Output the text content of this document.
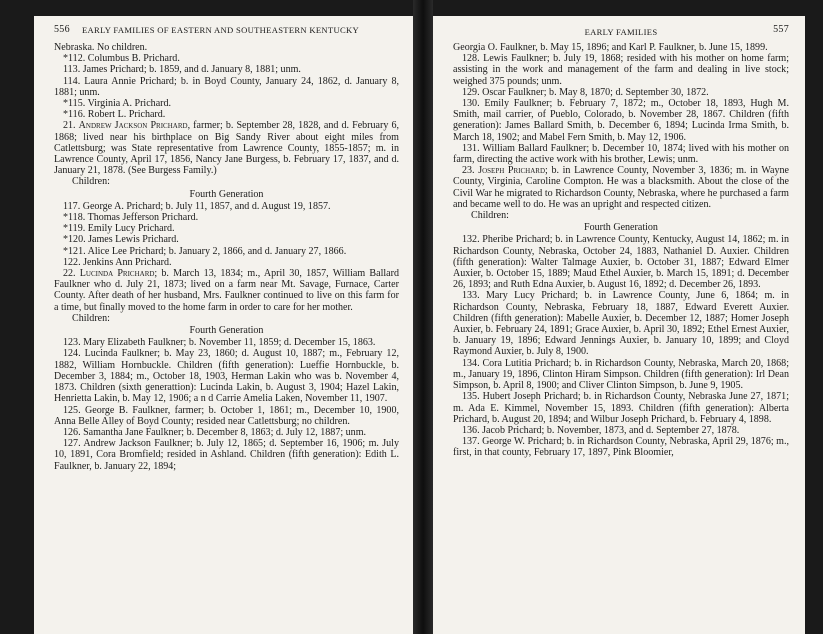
556 EARLY FAMILIES OF EASTERN AND SOUTHEASTERN KENTUCKY

Nebraska. No children.

*112. Columbus B. Prichard.

113. James Prichard; b. 1859, and d. January 8, 1881; unm.

114. Laura Annie Prichard; b. in Boyd County, January 24, 1862, d. January 8, 1881; unm.

*115. Virginia A. Prichard.

*116. Robert L. Prichard.

21. Andrew Jackson Prichard, farmer; b. September 28, 1828, and d. February 6, 1868; lived near his birthplace on Big Sandy River about eight miles from Catlettsburg; was State representative from Lawrence County, 1855-1857; m. in Lawrence County, April 17, 1856, Nancy Jane Burgess, b. February 17, 1837, and d. January 21, 1878. (See Burgess Family.)

Children:

Fourth Generation

117. George A. Prichard; b. July 11, 1857, and d. August 19, 1857.

*118. Thomas Jefferson Prichard.

*119. Emily Lucy Prichard.

*120. James Lewis Prichard.

*121. Alice Lee Prichard; b. January 2, 1866, and d. January 27, 1866.

122. Jenkins Ann Prichard.

22. Lucinda Prichard; b. March 13, 1834; m., April 30, 1857, William Ballard Faulkner who d. July 21, 1873; lived on a farm near Mt. Savage, Furnace, Carter County. After death of her husband, Mrs. Faulkner continued to live on this farm for a time, but finally moved to the home farm in order to care for her mother.

Children:

Fourth Generation

123. Mary Elizabeth Faulkner; b. November 11, 1859; d. December 15, 1863.

124. Lucinda Faulkner; b. May 23, 1860; d. August 10, 1887; m., February 12, 1882, William Hornbuckle. Children (fifth generation): Lueffie Hornbuckle, b. December 3, 1884; m., October 18, 1903, Herman Lakin who was b. November 4, 1873. Children (sixth generattion): Lucinda Lakin, b. August 3, 1904; Hazel Lakin, Henrietta Lakin, b. May 12, 1906; a n d Carrie Amelia Laken, November 11, 1907.

125. George B. Faulkner, farmer; b. October 1, 1861; m., December 10, 1900, Anna Belle Alley of Boyd County; resided near Catlettsburg; no children.

126. Samantha Jane Faulkner; b. December 8, 1863; d. July 12, 1887; unm.

127. Andrew Jackson Faulkner; b. July 12, 1865; d. September 16, 1906; m. July 10, 1891, Cora Bromfield; resided in Ashland. Children (fifth generation): Edith L. Faulkner, b. January 22, 1894;

EARLY FAMILIES	557

Georgia O. Faulkner, b. May 15, 1896; and Karl P. Faulkner, b. June 15, 1899.

128. Lewis Faulkner; b. July 19, 1868; resided with his mother on home farm; assisting in the work and management of the farm and dealing in live stock; weighed 375 pounds; unm.

129. Oscar Faulkner; b. May 8, 1870; d. September 30, 1872.

130. Emily Faulkner; b. February 7, 1872; m., October 18, 1893, Hugh M. Smith, mail carrier, of Pueblo, Colorado, b. November 28, 1867. Children (fifth generation): James Ballard Smith, b. December 6, 1894; Lucinda Irma Smith, b. March 18, 1902; and Mabel Fern Smith, b. May 12, 1906.

131. William Ballard Faulkner; b. December 10, 1874; lived with his mother on farm, directing the active work with his brother, Lewis; unm.

23. Joseph Prichard; b. in Lawrence County, November 3, 1836; m. in Wayne County, Virginia, Caroline Compton. He was a blacksmith. About the close of the Civil War he migrated to Richardson County, Nebraska, where he purchased a farm and became well to do. He was an upright and respected citizen.

Children:

Fourth Generation

132. Pheribe Prichard; b. in Lawrence County, Kentucky, August 14, 1862; m. in Richardson County, Nebraska, October 24, 1883, Nathaniel D. Auxier. Children (fifth generation): Walter Talmage Auxier, b. October 31, 1887; Edward Elmer Auxier, b. October 15, 1889; Maud Ethel Auxier, b. March 15, 1891; d. December 26, 1893; and Ruth Edna Auxier, b. August 16, 1892; d. December 26, 1893.

133. Mary Lucy Prichard; b. in Lawrence County, June 6, 1864; m. in Richardson County, Nebraska, February 18, 1887, Edward Everett Auxier. Children (fifth generation): Mabelle Auxier, b. December 12, 1887; Homer Joseph Auxier, b. February 24, 1891; Grace Auxier, b. April 30, 1892; Ethel Ernest Auxier, b. January 19, 1896; Edward Jennings Auxier, b. January 10, 1899; and Cloyd Raymond Auxier, b. July 8, 1900.

134. Cora Lutitia Prichard; b. in Richardson County, Nebraska, March 20, 1868; m., January 19, 1896, Clinton Hiram Simpson. Children (fifth generation): Irl Dean Simpson, b. April 8, 1900; and Cliver Clinton Simpson, b. June 9, 1905.

135. Hubert Joseph Prichard; b. in Richardson County, Nebraska June 27, 1871; m. Ada E. Kimmel, November 15, 1893. Children (fifth generation): Alberta Prichard, b. August 20, 1894; and Wilbur Joseph Prichard, b. February 4, 1898.

136. Jacob Prichard; b. November, 1873, and d. September 27, 1878.

137. George W. Prichard; b. in Richardson County, Nebraska, April 29, 1876; m., first, in that county, February 17, 1897, Pink Bloomier,
